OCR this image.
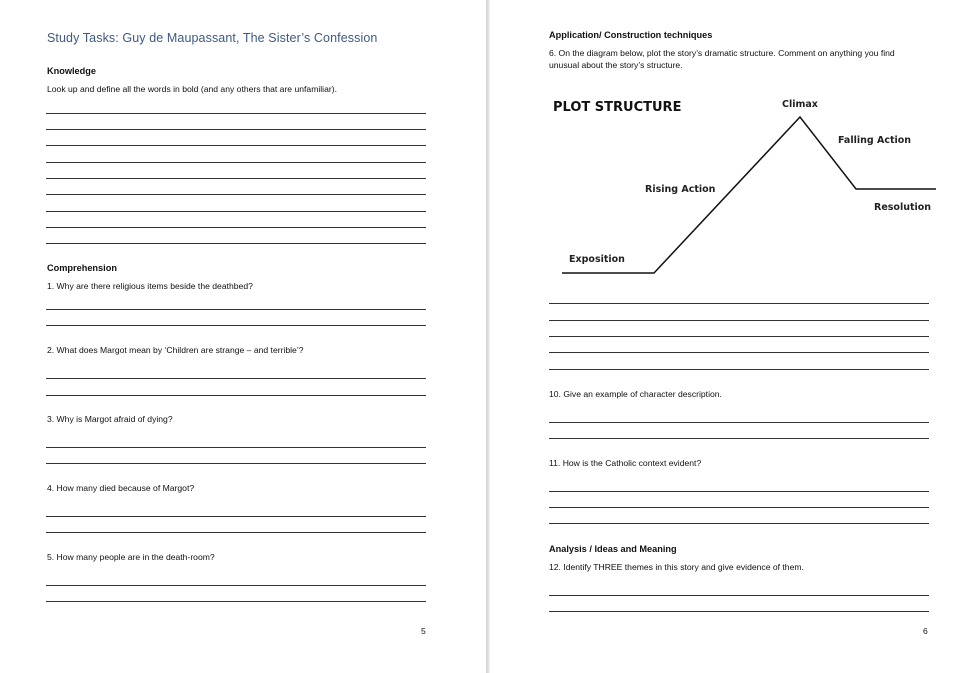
Study Tasks: Guy de Maupassant, The Sister’s Confession
Knowledge
Look up and define all the words in bold (and any others that are unfamiliar).
Comprehension
1. Why are there religious items beside the deathbed?
2. What does Margot mean by ‘Children are strange – and terrible’?
3. Why is Margot afraid of dying?
4. How many died because of Margot?
5. How many people are in the death-room?
5
Application/ Construction techniques
6. On the diagram below, plot the story’s dramatic structure. Comment on anything you find
unusual about the story’s structure.
PLOT STRUCTURE
Exposition
Rising Action
Climax
Falling Action
Resolution
10. Give an example of character description.
11. How is the Catholic context evident?
Analysis / Ideas and Meaning
12. Identify THREE themes in this story and give evidence of them.
6
